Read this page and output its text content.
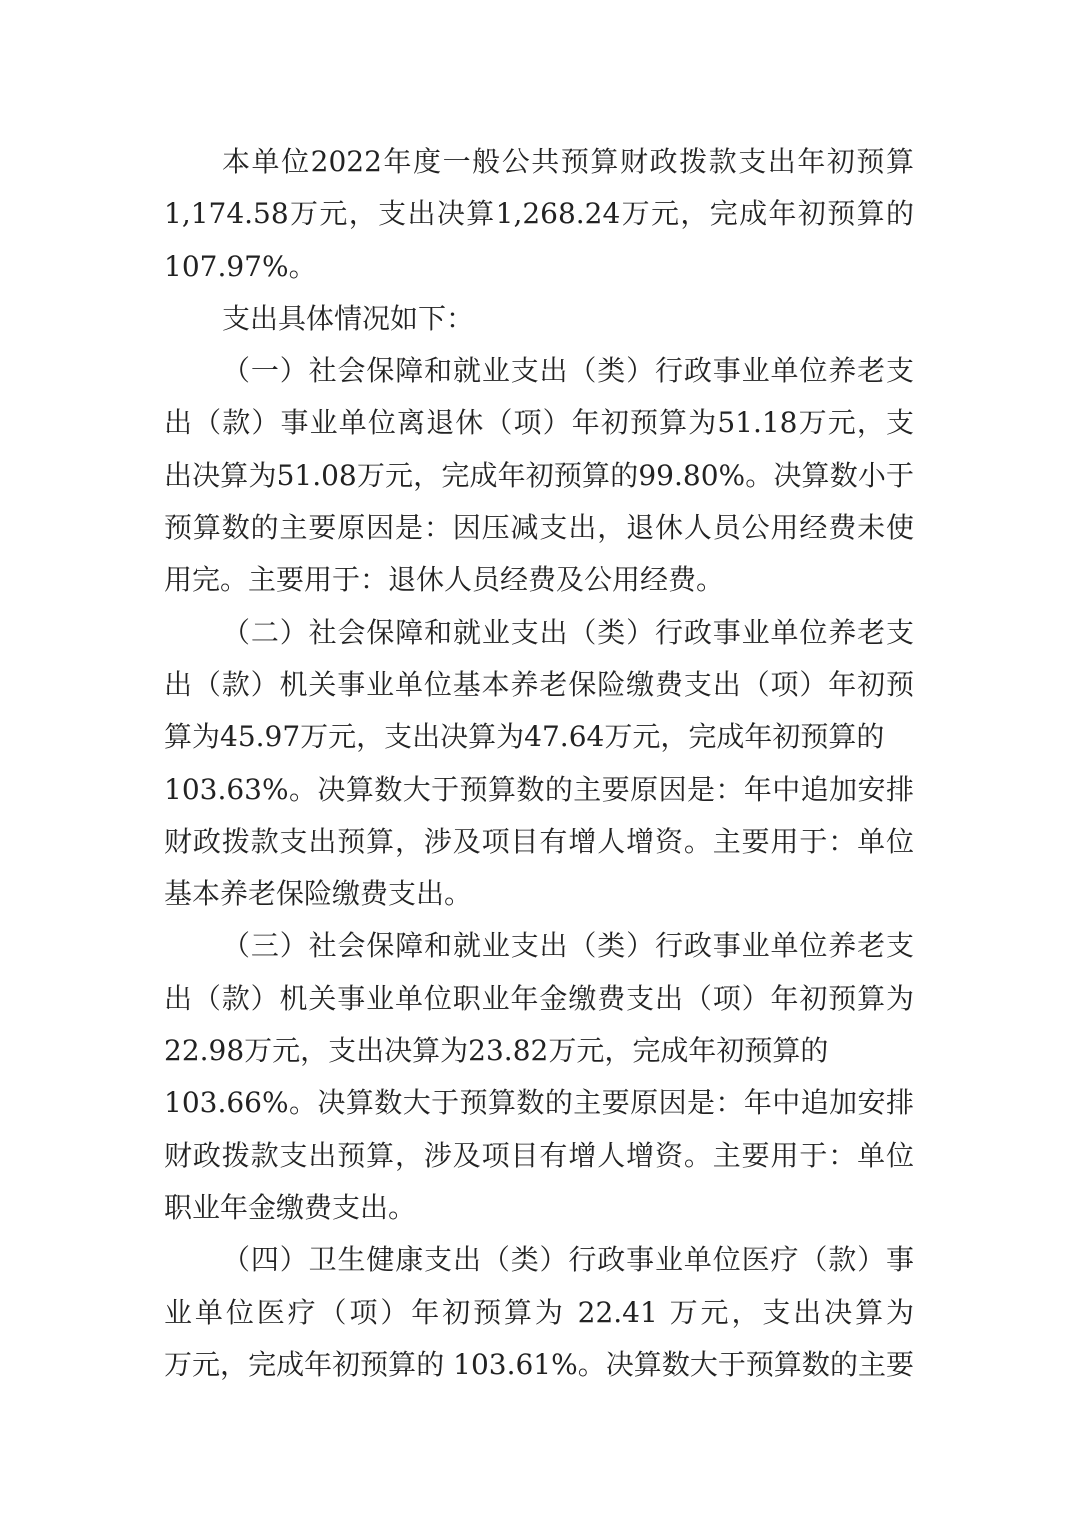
本单位2022年度一般公共预算财政拨款支出年初预算
1,174.58万元，支出决算1,268.24万元，完成年初预算的
107.97%。
支出具体情况如下：
（一）社会保障和就业支出（类）行政事业单位养老支
出（款）事业单位离退休（项）年初预算为51.18万元，支
出决算为51.08万元，完成年初预算的99.80%。决算数小于
预算数的主要原因是：因压减支出，退休人员公用经费未使
用完。主要用于：退休人员经费及公用经费。
（二）社会保障和就业支出（类）行政事业单位养老支
出（款）机关事业单位基本养老保险缴费支出（项）年初预
算为45.97万元，支出决算为47.64万元，完成年初预算的
103.63%。决算数大于预算数的主要原因是：年中追加安排
财政拨款支出预算，涉及项目有增人增资。主要用于：单位
基本养老保险缴费支出。
（三）社会保障和就业支出（类）行政事业单位养老支
出（款）机关事业单位职业年金缴费支出（项）年初预算为
22.98万元，支出决算为23.82万元，完成年初预算的
103.66%。决算数大于预算数的主要原因是：年中追加安排
财政拨款支出预算，涉及项目有增人增资。主要用于：单位
职业年金缴费支出。
（四）卫生健康支出（类）行政事业单位医疗（款）事
业单位医疗（项）年初预算为 22.41 万元，支出决算为
万元，完成年初预算的 103.61%。决算数大于预算数的主要
